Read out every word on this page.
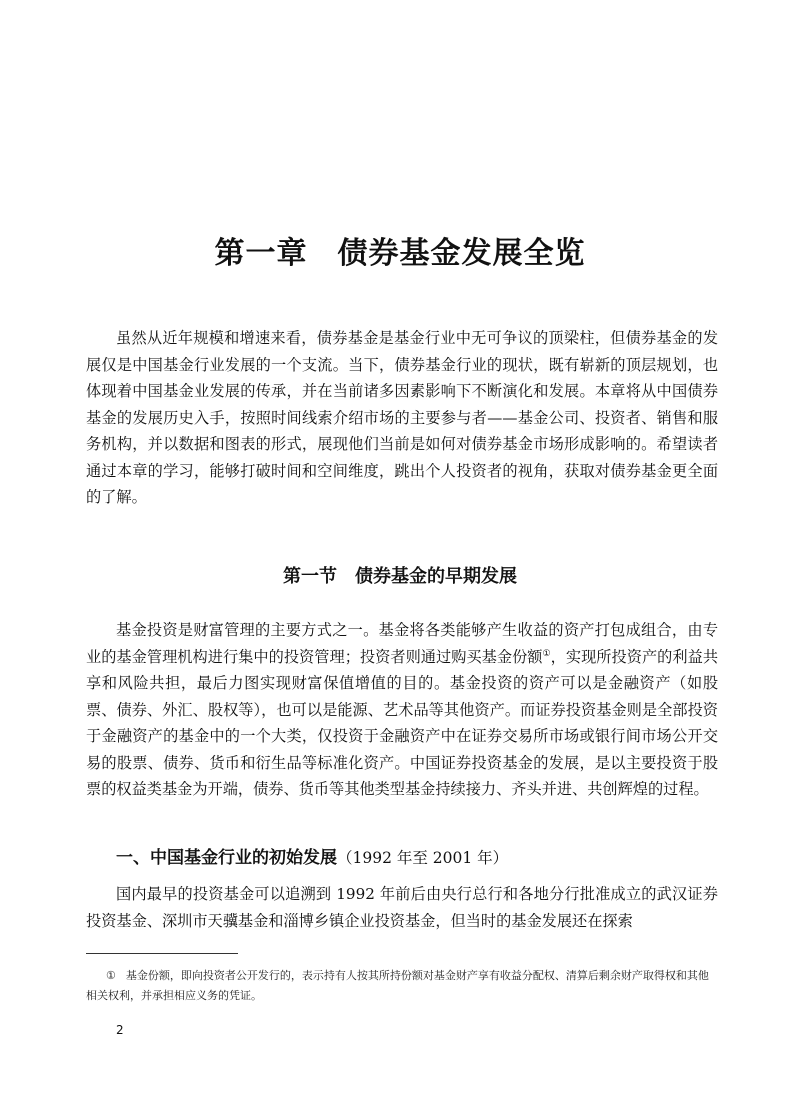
第一章 债券基金发展全览

虽然从近年规模和增速来看，债券基金是基金行业中无可争议的顶梁柱，但债券基金的发展仅是中国基金行业发展的一个支流。当下，债券基金行业的现状，既有崭新的顶层规划，也体现着中国基金业发展的传承，并在当前诸多因素影响下不断演化和发展。本章将从中国债券基金的发展历史入手，按照时间线索介绍市场的主要参与者——基金公司、投资者、销售和服务机构，并以数据和图表的形式，展现他们当前是如何对债券基金市场形成影响的。希望读者通过本章的学习，能够打破时间和空间维度，跳出个人投资者的视角，获取对债券基金更全面的了解。

第一节 债券基金的早期发展

基金投资是财富管理的主要方式之一。基金将各类能够产生收益的资产打包成组合，由专业的基金管理机构进行集中的投资管理；投资者则通过购买基金份额①，实现所投资产的利益共享和风险共担，最后力图实现财富保值增值的目的。基金投资的资产可以是金融资产（如股票、债券、外汇、股权等），也可以是能源、艺术品等其他资产。而证券投资基金则是全部投资于金融资产的基金中的一个大类，仅投资于金融资产中在证券交易所市场或银行间市场公开交易的股票、债券、货币和衍生品等标准化资产。中国证券投资基金的发展，是以主要投资于股票的权益类基金为开端，债券、货币等其他类型基金持续接力、齐头并进、共创辉煌的过程。

一、中国基金行业的初始发展（1992 年至 2001 年）

国内最早的投资基金可以追溯到 1992 年前后由央行总行和各地分行批准成立的武汉证券投资基金、深圳市天骥基金和淄博乡镇企业投资基金，但当时的基金发展还在探索

① 基金份额，即向投资者公开发行的，表示持有人按其所持份额对基金财产享有收益分配权、清算后剩余财产取得权和其他相关权利，并承担相应义务的凭证。

2
